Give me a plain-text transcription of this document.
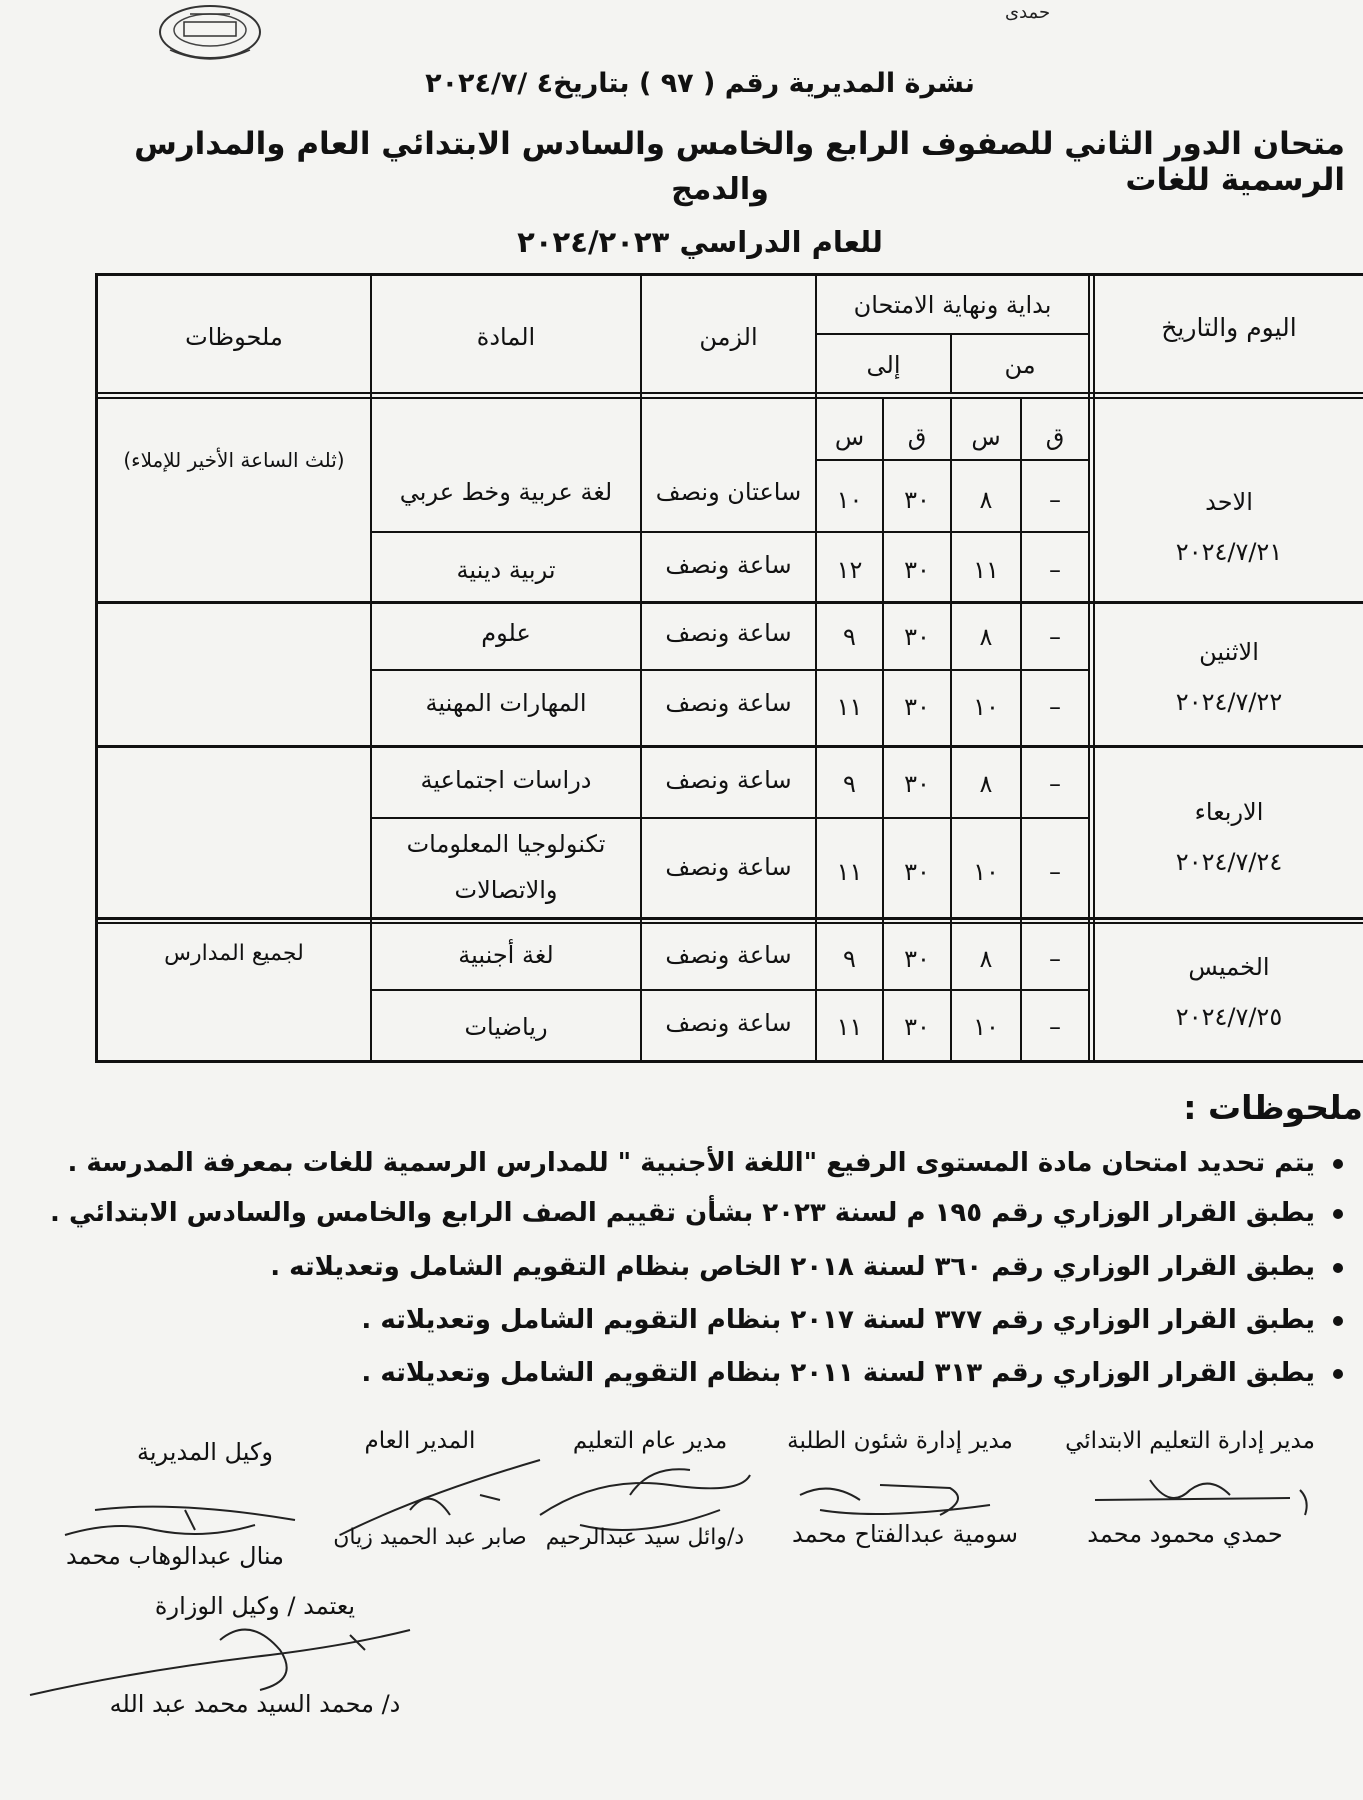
حمدى
نشرة المديرية رقم ( ٩٧ ) بتاريخ٤ /٢٠٢٤/٧
متحان الدور الثاني للصفوف الرابع والخامس والسادس الابتدائي العام والمدارس الرسمية للغات
والدمج
للعام الدراسي ٢٠٢٤/٢٠٢٣
اليوم والتاريخ
بداية ونهاية الامتحان
من
إلى
الزمن
المادة
ملحوظات
ق
س
ق
س
الاحد
٢٠٢٤/٧/٢١
الاثنين
٢٠٢٤/٧/٢٢
الاربعاء
٢٠٢٤/٧/٢٤
الخميس
٢٠٢٤/٧/٢٥
(ثلث الساعة الأخير للإملاء)
لجميع المدارس
–
٨
٣٠
١٠
ساعتان ونصف
لغة عربية وخط عربي
–
١١
٣٠
١٢
ساعة ونصف
تربية دينية
–
٨
٣٠
٩
ساعة ونصف
علوم
–
١٠
٣٠
١١
ساعة ونصف
المهارات المهنية
–
٨
٣٠
٩
ساعة ونصف
دراسات اجتماعية
–
١٠
٣٠
١١
ساعة ونصف
تكنولوجيا المعلومات
والاتصالات
–
٨
٣٠
٩
ساعة ونصف
لغة أجنبية
–
١٠
٣٠
١١
ساعة ونصف
رياضيات
ملحوظات :
يتم تحديد امتحان مادة المستوى الرفيع "اللغة الأجنبية " للمدارس الرسمية للغات بمعرفة المدرسة .
يطبق القرار الوزاري رقم ١٩٥ م لسنة ٢٠٢٣ بشأن تقييم الصف الرابع والخامس والسادس الابتدائي .
يطبق القرار الوزاري رقم ٣٦٠ لسنة ٢٠١٨ الخاص بنظام التقويم الشامل وتعديلاته .
يطبق القرار الوزاري رقم ٣٧٧ لسنة ٢٠١٧ بنظام التقويم الشامل وتعديلاته .
يطبق القرار الوزاري رقم ٣١٣ لسنة ٢٠١١ بنظام التقويم الشامل وتعديلاته .
مدير إدارة التعليم الابتدائي
مدير إدارة شئون الطلبة
مدير عام التعليم
المدير العام
وكيل المديرية
حمدي محمود محمد
سومية عبدالفتاح محمد
د/وائل سيد عبدالرحيم
صابر عبد الحميد زيان
منال عبدالوهاب محمد
يعتمد / وكيل الوزارة
د/ محمد السيد محمد عبد الله
